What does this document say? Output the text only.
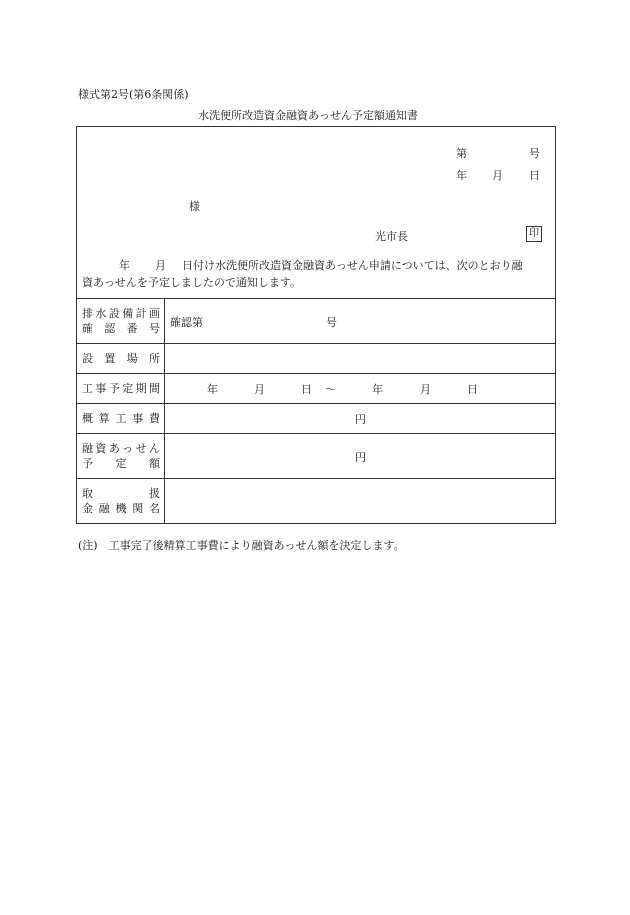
様式第2号(第6条関係)
水洗便所改造資金融資あっせん予定額通知書
第	号
年 月 日
様
光市長	印
年 月 日付け水洗便所改造資金融資あっせん申請については、次のとおり融
資あっせんを予定しましたので通知します。
排水設備計画
確認番号 確認第	号
設置場所
工事予定期間	年	月	日 ～	年	月	日
概算工事費	円
融資あっせん
予定額	円
取扱
金融機関名
(注)　工事完了後精算工事費により融資あっせん額を決定します。
